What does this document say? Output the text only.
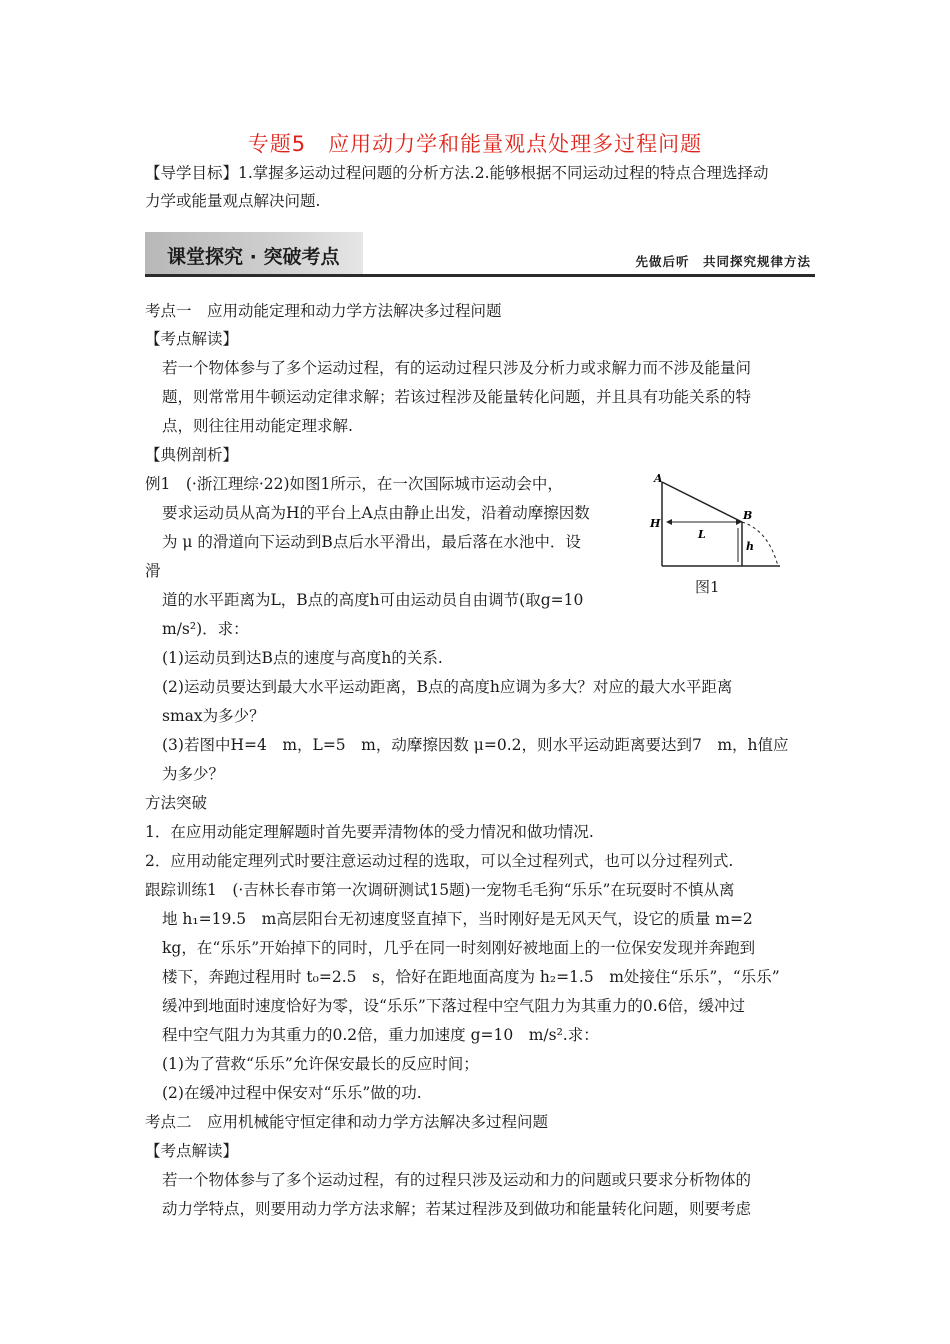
专题5　应用动力学和能量观点处理多过程问题
【导学目标】1.掌握多运动过程问题的分析方法.2.能够根据不同运动过程的特点合理选择动
力学或能量观点解决问题.
课堂探究 · 突破考点	先做后听　共同探究规律方法
考点一　应用动能定理和动力学方法解决多过程问题
【考点解读】
若一个物体参与了多个运动过程，有的运动过程只涉及分析力或求解力而不涉及能量问
题，则常常用牛顿运动定律求解；若该过程涉及能量转化问题，并且具有功能关系的特
点，则往往用动能定理求解.
【典例剖析】
例1　(·浙江理综·22)如图1所示，在一次国际城市运动会中，
要求运动员从高为H的平台上A点由静止出发，沿着动摩擦因数
为 μ 的滑道向下运动到B点后水平滑出，最后落在水池中．设
滑
道的水平距离为L，B点的高度h可由运动员自由调节(取g=10
m/s²)．求：
(1)运动员到达B点的速度与高度h的关系.
(2)运动员要达到最大水平运动距离，B点的高度h应调为多大？对应的最大水平距离
smax为多少？
(3)若图中H=4　m，L=5　m，动摩擦因数 μ=0.2，则水平运动距离要达到7　m，h值应
为多少？
A
B
H
L
h
图1
方法突破
1．在应用动能定理解题时首先要弄清物体的受力情况和做功情况.
2．应用动能定理列式时要注意运动过程的选取，可以全过程列式，也可以分过程列式.
跟踪训练1　(·吉林长春市第一次调研测试15题)一宠物毛毛狗“乐乐”在玩耍时不慎从离
地 h₁=19.5　m高层阳台无初速度竖直掉下，当时刚好是无风天气，设它的质量 m=2
kg，在“乐乐”开始掉下的同时，几乎在同一时刻刚好被地面上的一位保安发现并奔跑到
楼下，奔跑过程用时 t₀=2.5　s，恰好在距地面高度为 h₂=1.5　m处接住“乐乐”，“乐乐”
缓冲到地面时速度恰好为零，设“乐乐”下落过程中空气阻力为其重力的0.6倍，缓冲过
程中空气阻力为其重力的0.2倍，重力加速度 g=10　m/s².求：
(1)为了营救“乐乐”允许保安最长的反应时间；
(2)在缓冲过程中保安对“乐乐”做的功.
考点二　应用机械能守恒定律和动力学方法解决多过程问题
【考点解读】
若一个物体参与了多个运动过程，有的过程只涉及运动和力的问题或只要求分析物体的
动力学特点，则要用动力学方法求解；若某过程涉及到做功和能量转化问题，则要考虑
